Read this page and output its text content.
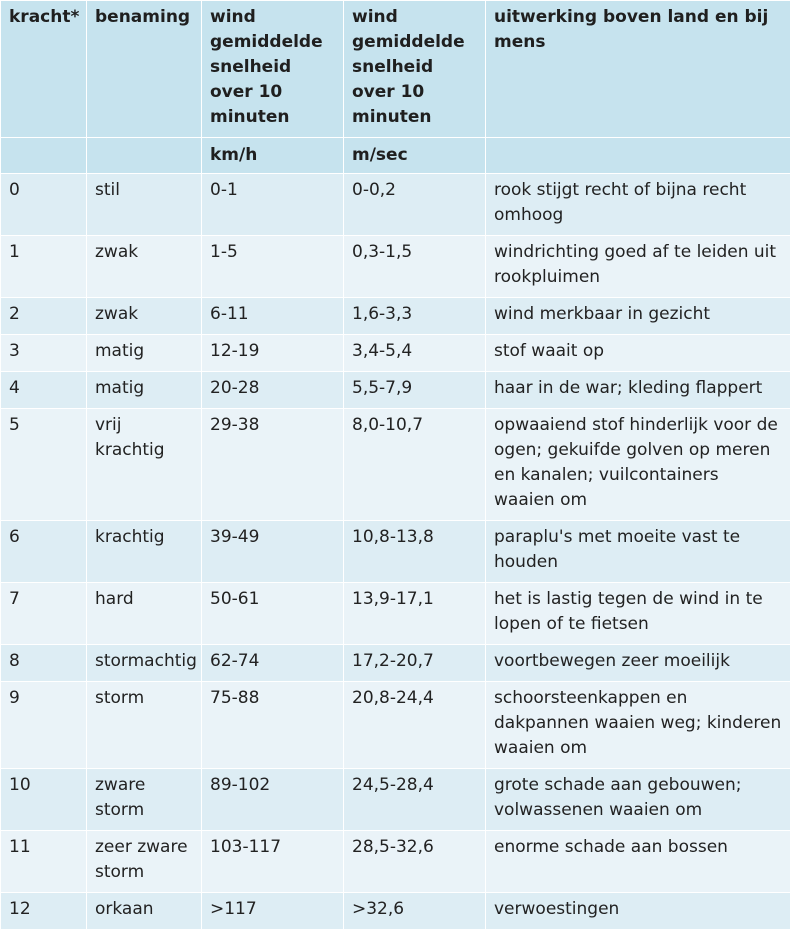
kracht*	benaming	wind gemiddelde snelheid over 10 minuten	wind gemiddelde snelheid over 10 minuten	uitwerking boven land en bij mens
		km/h	m/sec	
0	stil	0-1	0-0,2	rook stijgt recht of bijna recht omhoog
1	zwak	1-5	0,3-1,5	windrichting goed af te leiden uit rookpluimen
2	zwak	6-11	1,6-3,3	wind merkbaar in gezicht
3	matig	12-19	3,4-5,4	stof waait op
4	matig	20-28	5,5-7,9	haar in de war; kleding flappert
5	vrij krachtig	29-38	8,0-10,7	opwaaiend stof hinderlijk voor de ogen; gekuifde golven op meren en kanalen; vuilcontainers waaien om
6	krachtig	39-49	10,8-13,8	paraplu's met moeite vast te houden
7	hard	50-61	13,9-17,1	het is lastig tegen de wind in te lopen of te fietsen
8	stormachtig	62-74	17,2-20,7	voortbewegen zeer moeilijk
9	storm	75-88	20,8-24,4	schoorsteenkappen en dakpannen waaien weg; kinderen waaien om
10	zware storm	89-102	24,5-28,4	grote schade aan gebouwen; volwassenen waaien om
11	zeer zware storm	103-117	28,5-32,6	enorme schade aan bossen
12	orkaan	>117	>32,6	verwoestingen
